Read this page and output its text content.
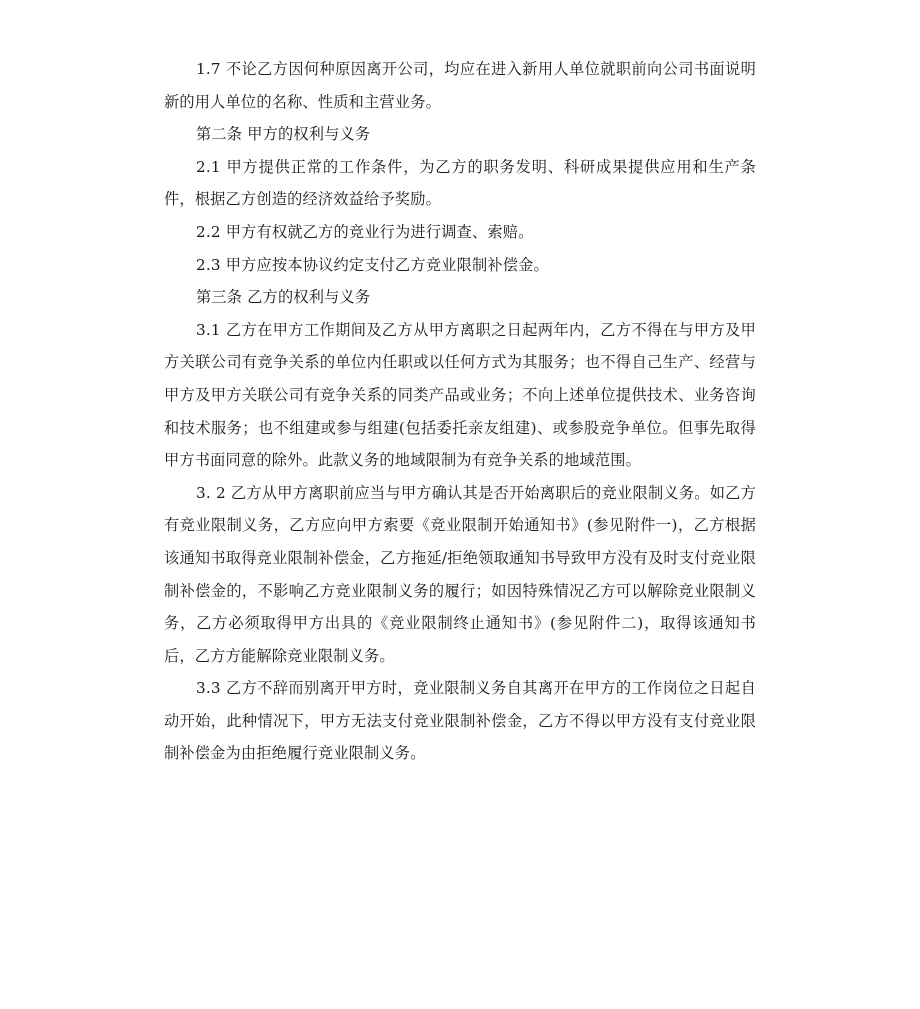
1.7 不论乙方因何种原因离开公司，均应在进入新用人单位就职前向公司书面说明新的用人单位的名称、性质和主营业务。

第二条 甲方的权利与义务

2.1 甲方提供正常的工作条件，为乙方的职务发明、科研成果提供应用和生产条件，根据乙方创造的经济效益给予奖励。

2.2 甲方有权就乙方的竞业行为进行调查、索赔。

2.3 甲方应按本协议约定支付乙方竞业限制补偿金。

第三条 乙方的权利与义务

3.1 乙方在甲方工作期间及乙方从甲方离职之日起两年内，乙方不得在与甲方及甲方关联公司有竞争关系的单位内任职或以任何方式为其服务；也不得自己生产、经营与甲方及甲方关联公司有竞争关系的同类产品或业务；不向上述单位提供技术、业务咨询和技术服务；也不组建或参与组建(包括委托亲友组建)、或参股竞争单位。但事先取得甲方书面同意的除外。此款义务的地域限制为有竞争关系的地域范围。

3. 2 乙方从甲方离职前应当与甲方确认其是否开始离职后的竞业限制义务。如乙方有竞业限制义务，乙方应向甲方索要《竞业限制开始通知书》(参见附件一)，乙方根据该通知书取得竞业限制补偿金，乙方拖延/拒绝领取通知书导致甲方没有及时支付竞业限制补偿金的，不影响乙方竞业限制义务的履行；如因特殊情况乙方可以解除竞业限制义务，乙方必须取得甲方出具的《竞业限制终止通知书》(参见附件二)，取得该通知书后，乙方方能解除竞业限制义务。

3.3 乙方不辞而别离开甲方时，竞业限制义务自其离开在甲方的工作岗位之日起自动开始，此种情况下，甲方无法支付竞业限制补偿金，乙方不得以甲方没有支付竞业限制补偿金为由拒绝履行竞业限制义务。
